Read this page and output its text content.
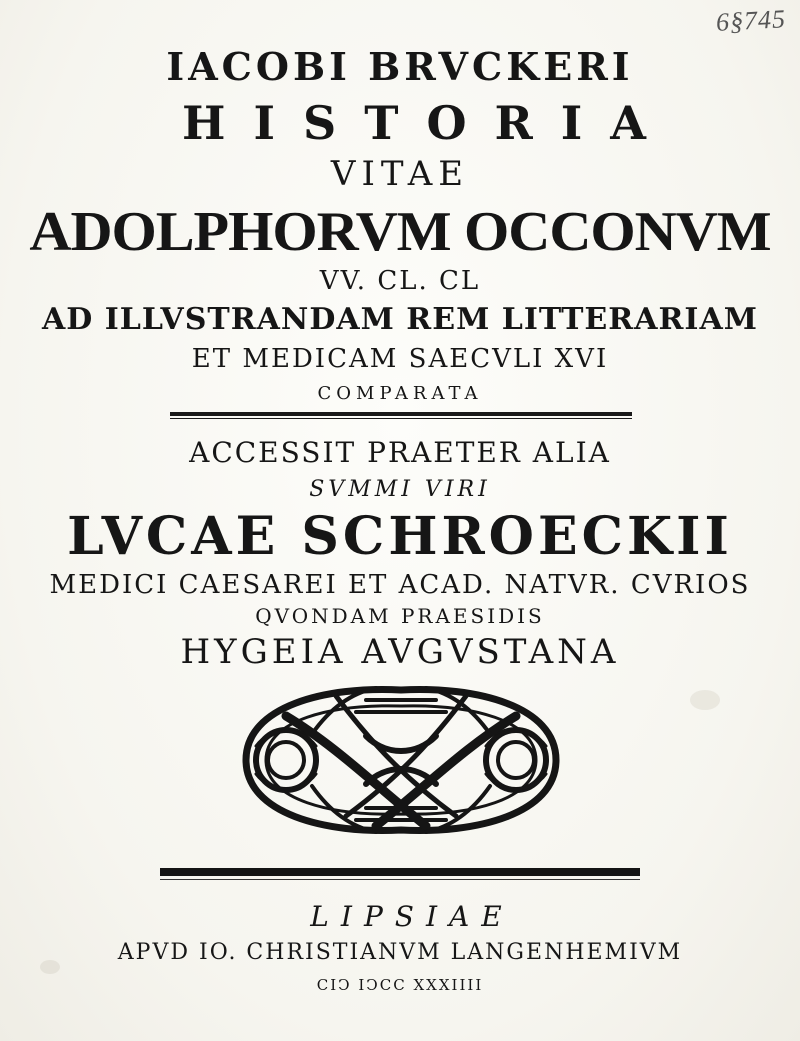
6§745
IACOBI BRVCKERI
HISTORIA
VITAE
ADOLPHORVM OCCONVM
VV. CL. CL
AD ILLVSTRANDAM REM LITTERARIAM
ET MEDICAM SAECVLI XVI
COMPARATA
ACCESSIT PRAETER ALIA
SVMMI VIRI
LVCAE SCHROECKII
MEDICI CAESAREI ET ACAD. NATVR. CVRIOS
QVONDAM PRAESIDIS
HYGEIA AVGVSTANA
LIPSIAE
APVD IO. CHRISTIANVM LANGENHEMIVM
CIↃ IↃCC XXXIIII
